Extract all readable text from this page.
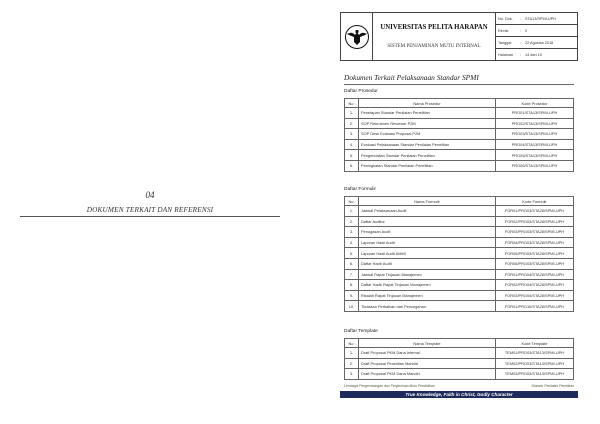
04
DOKUMEN TERKAIT DAN REFERENSI
UNIVERSITAS PELITA HARAPAN
SISTEM PENJAMINAN MUTU INTERNAL
No. Dok.	:	STA13/SPMI-UPH
Revisi	:	0
Tanggal	:	22 Agustus 2018
Halaman	:	14 dari 15
Dokumen Terkait Pelaksanaan Standar SPMI
Daftar Prosedur
No.	Nama Prosedur	Kode Prosedur
1.	Penetapan Standar Penilaian Penelitian	PRO01/STA13/SPMI-UPH
2.	SOP Rekrutmen Reviewer P2M	PRO02/STA13/SPMI-UPH
3.	SOP Desk Evaluasi Proposal P2M	PRO03/STA13/SPMI-UPH
4.	Evaluasi Pelaksanaan Standar Penilaian Penelitian	PRO04/STA13/SPMI-UPH
5.	Pengendalian Standar Penilaian Penelitian	PRO05/STA13/SPMI-UPH
6.	Peningkatan Standar Penilaian Penelitian	PRO06/STA13/SPMI-UPH
Daftar Formulir
No.	Nama Formulir	Kode Formulir
1.	Jadwal Pelaksanaan Audit	FOR01/PRO03/STA28/SPMI-UPH
2.	Daftar Auditor	FOR02/PRO03/STA28/SPMI-UPH
3.	Penugasan Audit	FOR03/PRO03/STA28/SPMI-UPH
4.	Laporan Hasil Audit	FOR04/PRO03/STA28/SPMI-UPH
5.	Laporan Hasil Audit AMMI	FOR05/PRO03/STA28/SPMI-UPH
6.	Daftar Hadir Audit	FOR06/PRO03/STA28/SPMI-UPH
7.	Jadwal Rapat Tinjauan Manajemen	FOR01/PRO04/STA28/SPMI-UPH
8.	Daftar Hadir Rapat Tinjauan Manajemen	FOR02/PRO04/STA28/SPMI-UPH
9.	Risalah Rapat Tinjauan Manajemen	FOR03/PRO04/STA28/SPMI-UPH
10.	Tindakan Perbaikan dan Pencegahan	FOR01/PRO10/STA28/SPMI-UPH
Daftar Template
No.	Nama Template	Kode Template
1.	Draft Proposal PKM Dana Internal	TEM01/PRO03/STA13/SPMI-UPH
2.	Draft Proposal Penelitian Mandiri	TEM02/PRO03/STA13/SPMI-UPH
3.	Draft Proposal PKM Dana Mandiri	TEM03/PRO03/STA13/SPMI-UPH
Lembaga Pengembangan dan Penjaminan Mutu Pendidikan	Standar Penilaian Penelitian
True Knowledge, Faith in Christ, Godly Character
